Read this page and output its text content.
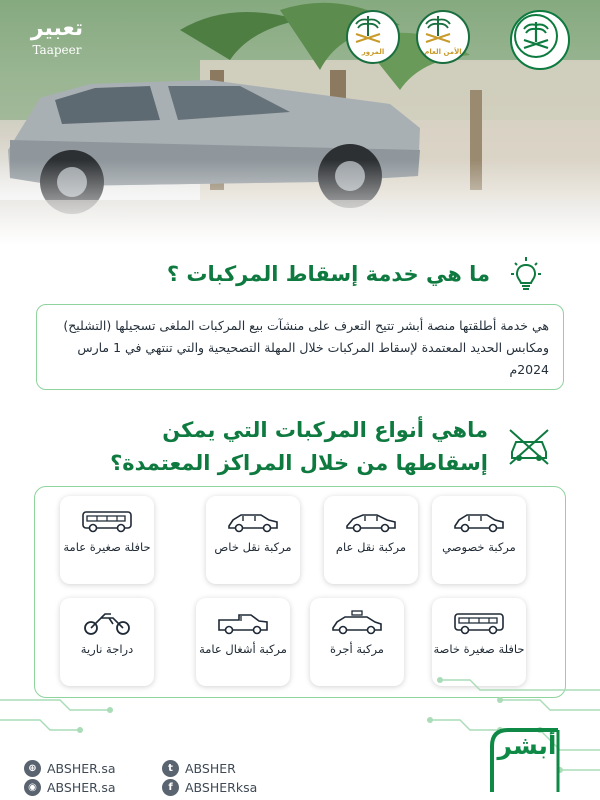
تعبير
Taapeer	المرور	الأمن العام
ما هي خدمة إسقاط المركبات ؟
هي خدمة أطلقتها منصة أبشر تتيح التعرف على منشآت بيع المركبات الملغى تسجيلها (التشليح) ومكابس الحديد المعتمدة لإسقاط المركبات خلال المهلة التصحيحية والتي تنتهي في 1 مارس 2024م
ماهي أنواع المركبات التي يمكن إسقاطها من خلال المراكز المعتمدة؟
مركبة خصوصي
مركبة نقل عام
مركبة نقل خاص
حافلة صغيرة عامة
حافلة صغيرة خاصة
مركبة أجرة
مركبة أشغال عامة
دراجة نارية
⊕ ABSHER.sa
◉ ABSHER.sa
t ABSHER
f ABSHERksa
أبشر
